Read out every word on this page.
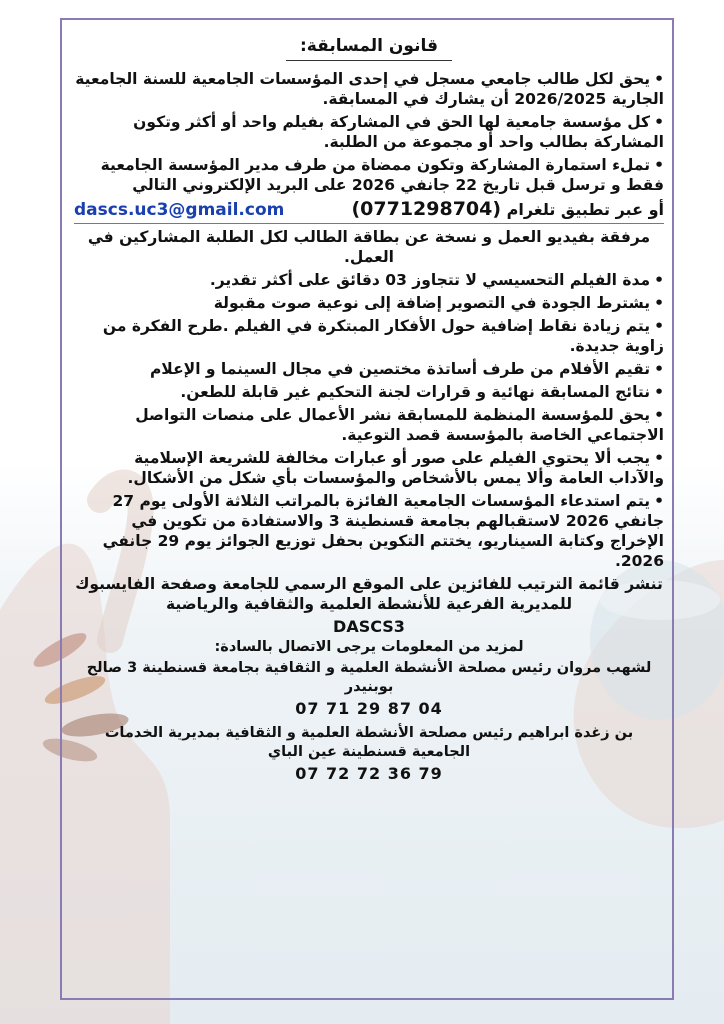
قانون المسابقة:

•يحق لكل طالب جامعي مسجل في إحدى المؤسسات الجامعية للسنة الجامعية الجارية 2026/2025 أن يشارك في المسابقة.

•كل مؤسسة جامعية لها الحق في المشاركة بفيلم واحد أو أكثر وتكون المشاركة بطالب واحد أو مجموعة من الطلبة.

•تملء استمارة المشاركة وتكون ممضاة من طرف مدير المؤسسة الجامعية فقط و ترسل قبل تاريخ 22 جانفي 2026 على البريد الإلكتروني التالي

أو عبر تطبيق تلغرام (0771298704)
dascs.uc3@gmail.com

مرفقة بفيديو العمل و نسخة عن بطاقة الطالب لكل الطلبة المشاركين في العمل.

•مدة الفيلم التحسيسي لا تتجاوز 03 دقائق على أكثر تقدير.

•يشترط الجودة في التصوير إضافة إلى نوعية صوت مقبولة

•يتم زيادة نقاط إضافية حول الأفكار المبتكرة في الفيلم .طرح الفكرة من زاوية جديدة.

•تقيم الأفلام من طرف أساتذة مختصين في مجال السينما و الإعلام

•نتائج المسابقة نهائية و قرارات لجنة التحكيم غير قابلة للطعن.

•يحق للمؤسسة المنظمة للمسابقة نشر الأعمال على منصات التواصل الاجتماعي الخاصة بالمؤسسة قصد التوعية.

•يجب ألا يحتوي الفيلم على صور أو عبارات مخالفة للشريعة الإسلامية والآداب العامة وألا يمس بالأشخاص والمؤسسات بأي شكل من الأشكال.

•يتم استدعاء المؤسسات الجامعية الفائزة بالمراتب الثلاثة الأولى يوم 27 جانفي 2026 لاستقبالهم بجامعة قسنطينة 3 والاستفادة من تكوين في الإخراج وكتابة السيناريو، يختتم التكوين بحفل توزيع الجوائز يوم 29 جانفي 2026.

تنشر قائمة الترتيب للفائزين على الموقع الرسمي للجامعة وصفحة الفايسبوك للمديرية الفرعية للأنشطة العلمية والثقافية والرياضية

DASCS3

لمزيد من المعلومات يرجى الاتصال بالسادة:

لشهب مروان رئيس مصلحة الأنشطة العلمية و الثقافية بجامعة قسنطينة 3 صالح بوبنيدر

07 71 29 87 04

بن زغدة ابراهيم رئيس مصلحة الأنشطة العلمية و الثقافية بمديرية الخدمات الجامعية قسنطينة عين الباي

07 72 72 36 79
